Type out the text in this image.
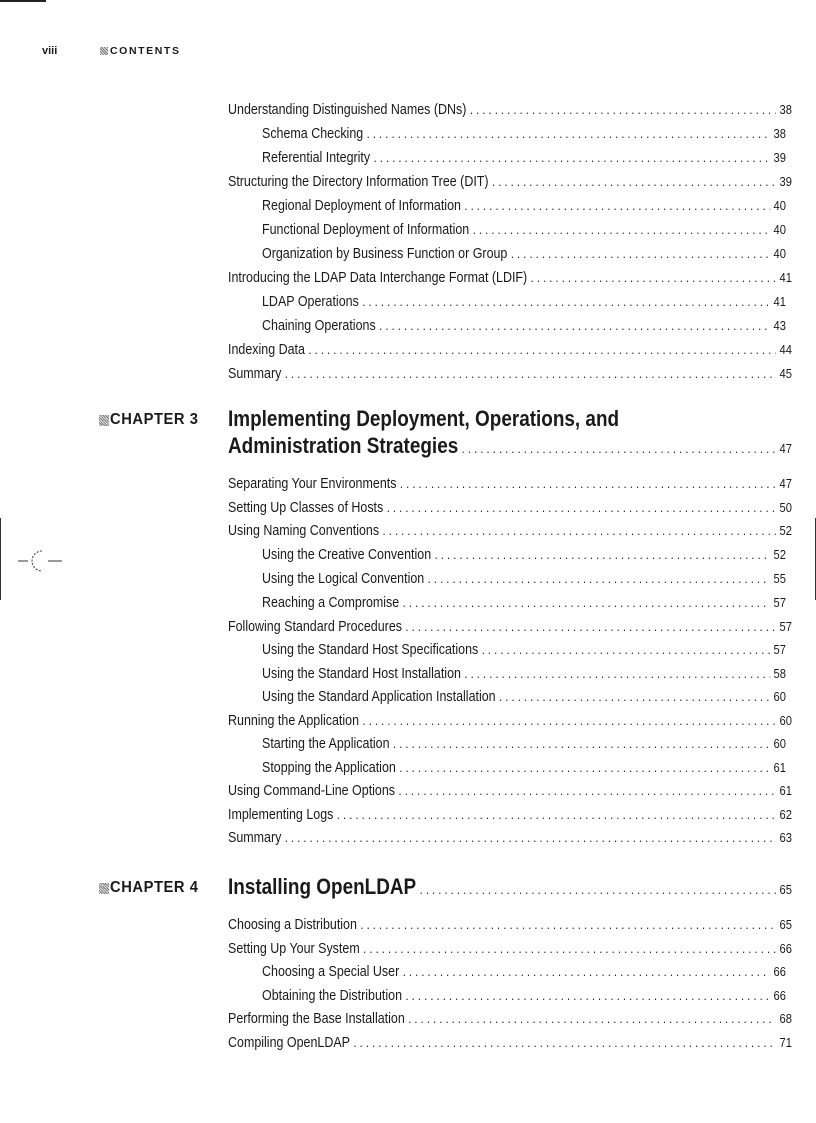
viii	CONTENTS
Understanding Distinguished Names (DNs) . . .	38
Schema Checking . . .	38
Referential Integrity . . .	39
Structuring the Directory Information Tree (DIT) . . .	39
Regional Deployment of Information . . .	40
Functional Deployment of Information . . .	40
Organization by Business Function or Group . . .	40
Introducing the LDAP Data Interchange Format (LDIF) . . .	41
LDAP Operations . . .	41
Chaining Operations . . .	43
Indexing Data . . .	44
Summary . . .	45
CHAPTER 3 Implementing Deployment, Operations, and
Administration Strategies . . .	47
Separating Your Environments . . .	47
Setting Up Classes of Hosts . . .	50
Using Naming Conventions . . .	52
Using the Creative Convention . . .	52
Using the Logical Convention . . .	55
Reaching a Compromise . . .	57
Following Standard Procedures . . .	57
Using the Standard Host Specifications . . .	57
Using the Standard Host Installation . . .	58
Using the Standard Application Installation . . .	60
Running the Application . . .	60
Starting the Application . . .	60
Stopping the Application . . .	61
Using Command-Line Options . . .	61
Implementing Logs . . .	62
Summary . . .	63
CHAPTER 4 Installing OpenLDAP . . .	65
Choosing a Distribution . . .	65
Setting Up Your System . . .	66
Choosing a Special User . . .	66
Obtaining the Distribution . . .	66
Performing the Base Installation . . .	68
Compiling OpenLDAP . . .	71
